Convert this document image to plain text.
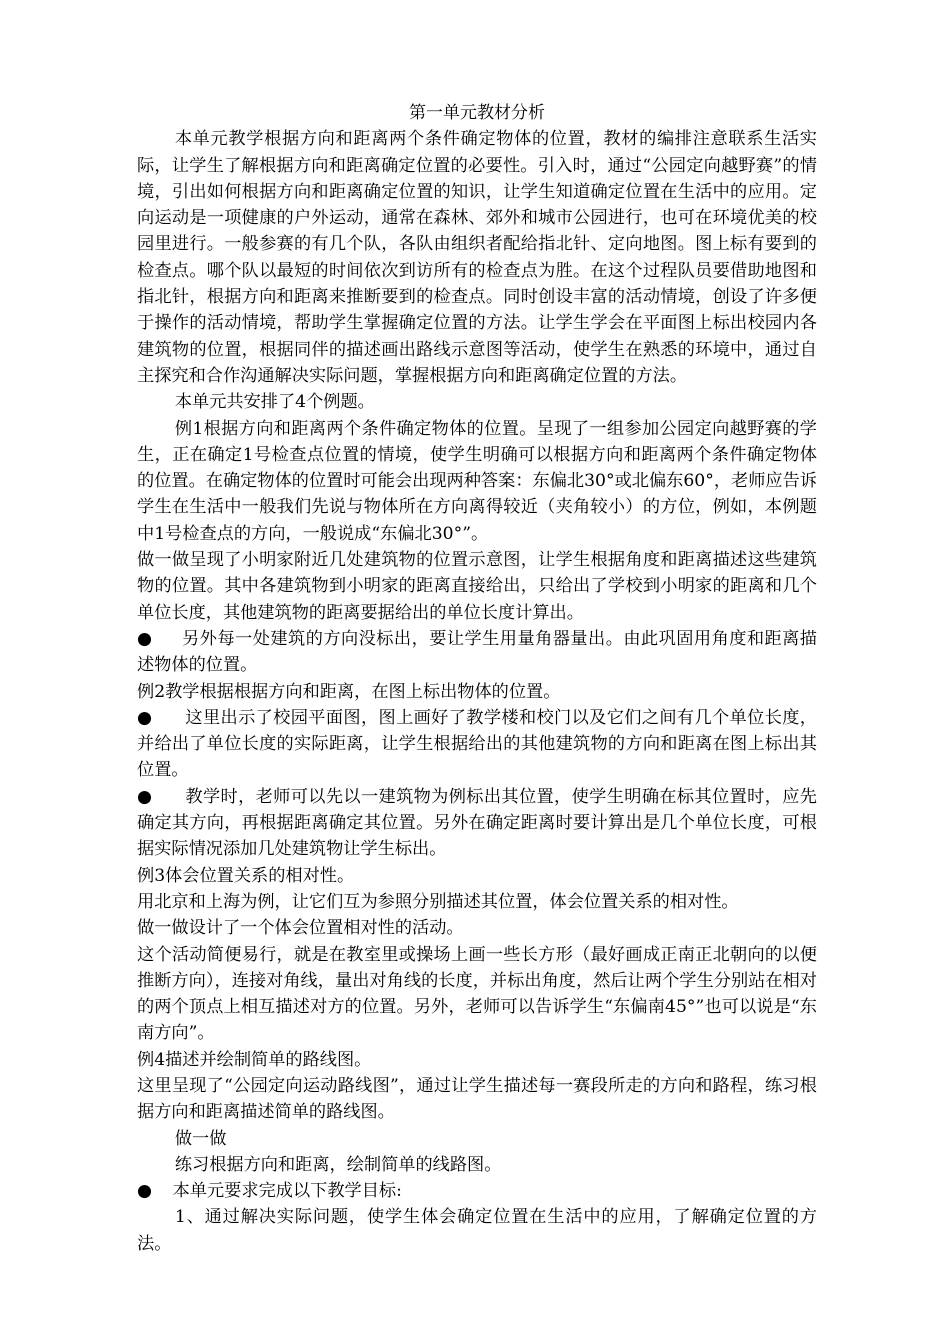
第一单元教材分析

本单元教学根据方向和距离两个条件确定物体的位置，教材的编排注意联系生活实际，让学生了解根据方向和距离确定位置的必要性。引入时，通过“公园定向越野赛”的情境，引出如何根据方向和距离确定位置的知识，让学生知道确定位置在生活中的应用。定向运动是一项健康的户外运动，通常在森林、郊外和城市公园进行，也可在环境优美的校园里进行。一般参赛的有几个队，各队由组织者配给指北针、定向地图。图上标有要到的检查点。哪个队以最短的时间依次到访所有的检查点为胜。在这个过程队员要借助地图和指北针，根据方向和距离来推断要到的检查点。同时创设丰富的活动情境，创设了许多便于操作的活动情境，帮助学生掌握确定位置的方法。让学生学会在平面图上标出校园内各建筑物的位置，根据同伴的描述画出路线示意图等活动，使学生在熟悉的环境中，通过自主探究和合作沟通解决实际问题，掌握根据方向和距离确定位置的方法。

本单元共安排了4个例题。

例1根据方向和距离两个条件确定物体的位置。呈现了一组参加公园定向越野赛的学生，正在确定1号检查点位置的情境，使学生明确可以根据方向和距离两个条件确定物体的位置。在确定物体的位置时可能会出现两种答案：东偏北30°或北偏东60°，老师应告诉学生在生活中一般我们先说与物体所在方向离得较近（夹角较小）的方位，例如，本例题中1号检查点的方向，一般说成“东偏北30°”。

做一做呈现了小明家附近几处建筑物的位置示意图，让学生根据角度和距离描述这些建筑物的位置。其中各建筑物到小明家的距离直接给出，只给出了学校到小明家的距离和几个单位长度，其他建筑物的距离要据给出的单位长度计算出。

● 另外每一处建筑的方向没标出，要让学生用量角器量出。由此巩固用角度和距离描述物体的位置。

例2教学根据根据方向和距离，在图上标出物体的位置。

● 这里出示了校园平面图，图上画好了教学楼和校门以及它们之间有几个单位长度，并给出了单位长度的实际距离，让学生根据给出的其他建筑物的方向和距离在图上标出其位置。

● 教学时，老师可以先以一建筑物为例标出其位置，使学生明确在标其位置时，应先确定其方向，再根据距离确定其位置。另外在确定距离时要计算出是几个单位长度，可根据实际情况添加几处建筑物让学生标出。

例3体会位置关系的相对性。

用北京和上海为例，让它们互为参照分别描述其位置，体会位置关系的相对性。

做一做设计了一个体会位置相对性的活动。

这个活动简便易行，就是在教室里或操场上画一些长方形（最好画成正南正北朝向的以便推断方向），连接对角线，量出对角线的长度，并标出角度，然后让两个学生分别站在相对的两个顶点上相互描述对方的位置。另外，老师可以告诉学生“东偏南45°”也可以说是“东南方向”。

例4描述并绘制简单的路线图。

这里呈现了“公园定向运动路线图”，通过让学生描述每一赛段所走的方向和路程，练习根据方向和距离描述简单的路线图。

做一做

练习根据方向和距离，绘制简单的线路图。

● 本单元要求完成以下教学目标:

1、通过解决实际问题，使学生体会确定位置在生活中的应用，了解确定位置的方法。
